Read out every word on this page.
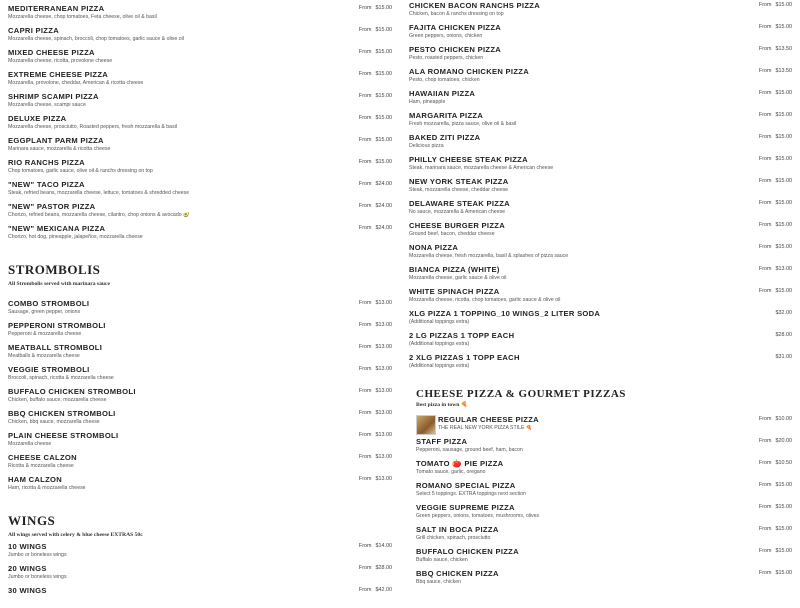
MEDITERRANEAN PIZZA
Mozzarella cheese, chop tomatoes, Feta cheese, olive oil & basil
From $15.00
CAPRI PIZZA
Mozzarella cheese, spinach, broccoli, chop tomatoes, garlic sauce & olive oil
From $15.00
MIXED CHEESE PIZZA
Mozzarella cheese, ricotta, provolone cheese
From $15.00
EXTREME CHEESE PIZZA
Mozzarella, provolone, cheddar, American & ricotta cheese
From $15.00
SHRIMP SCAMPI PIZZA
Mozzarella cheese, scampi sauce
From $15.00
DELUXE PIZZA
Mozzarella cheese, prosciutto, Roasted peppers, fresh mozzarella & basil
From $15.00
EGGPLANT PARM PIZZA
Marinara sauce, mozzarella & ricotta cheese
From $15.00
RIO RANCHS PIZZA
Chop tomatoes, garlic sauce, olive oil & ranchs dressing on top
From $15.00
"NEW" TACO PIZZA
Steak, refried beans, mozzarella cheese, lettuce, tomatoes & shredded cheese
From $24.00
"NEW" PASTOR PIZZA
Chorizo, refried beans, mozzarella cheese, cilantro, chop onions & avocado 🥑
From $24.00
"NEW" MEXICANA PIZZA
Chorizo, hot dog, pineapple, jalapeños, mozzarella cheese
From $24.00
STROMBOLIS
All Strombolis served with marinara sauce
COMBO STROMBOLI
Sausage, green pepper, onions
From $13.00
PEPPERONI STROMBOLI
Pepperoni & mozzarella cheese
From $13.00
MEATBALL STROMBOLI
Meatballs & mozzarella cheese
From $13.00
VEGGIE STROMBOLI
Broccoli, spinach, ricotta & mozzarella cheese
From $13.00
BUFFALO CHICKEN STROMBOLI
Chicken, buffalo sauce, mozzarella cheese
From $13.00
BBQ CHICKEN STROMBOLI
Chicken, bbq sauce, mozzarella cheese
From $13.00
PLAIN CHEESE STROMBOLI
Mozzarella cheese
From $13.00
CHEESE CALZON
Ricotta & mozzarella cheese
From $13.00
HAM CALZON
Ham, ricotta & mozzarella cheese
From $13.00
WINGS
All wings served with celery & blue cheese EXTRAS 50c
10 WINGS
Jumbo or boneless wings
From $14.00
20 WINGS
Jumbo or boneless wings
From $28.00
30 WINGS	From $42.00
CHICKEN BACON RANCHS PIZZA
Chicken, bacon & ranchs dressing on top
From $15.00
FAJITA CHICKEN PIZZA
Green peppers, onions, chicken
From $15.00
PESTO CHICKEN PIZZA
Pesto, roasted peppers, chicken
From $13.50
ALA ROMANO CHICKEN PIZZA
Pesto, chop tomatoes, chicken
From $13.50
HAWAIIAN PIZZA
Ham, pineapple
From $15.00
MARGARITA PIZZA
Fresh mozzarella, pizza sauce, olive oil & basil
From $15.00
BAKED ZITI PIZZA
Delicious pizza
From $15.00
PHILLY CHEESE STEAK PIZZA
Steak, marinara sauce, mozzarella cheese & American cheese
From $15.00
NEW YORK STEAK PIZZA
Steak, mozzarella cheese, cheddar cheese
From $15.00
DELAWARE STEAK PIZZA
No sauce, mozzarella & American cheese
From $15.00
CHEESE BURGER PIZZA
Ground beef, bacon, cheddar cheese
From $15.00
NONA PIZZA
Mozzarella cheese, fresh mozzarella, basil & splashes of pizza sauce
From $15.00
BIANCA PIZZA (WHITE)
Mozzarella cheese, garlic sauce & olive oil
From $13.00
WHITE SPINACH PIZZA
Mozzarella cheese, ricotta, chop tomatoes, garlic sauce & olive oil
From $15.00
XLG PIZZA 1 TOPPING_10 WINGS_2 LITER SODA
(Additional toppings extra)
$32.00
2 LG PIZZAS 1 TOPP EACH
(Additional toppings extra)
$28.00
2 XLG PIZZAS 1 TOPP EACH
(Additional toppings extra)
$31.00
CHEESE PIZZA & GOURMET PIZZAS
Best pizza in town 🍕
REGULAR CHEESE PIZZA
THE REAL NEW YORK PIZZA STILE 🍕
From $10.00
STAFF PIZZA
Pepperoni, sausage, ground beef, ham, bacon
From $20.00
TOMATO 🍅 PIE PIZZA
Tomato sauce, garlic, oregano
From $10.50
ROMANO SPECIAL PIZZA
Select 5 toppings. EXTRA toppings next section
From $15.00
VEGGIE SUPREME PIZZA
Green peppers, onions, tomatoes, mushrooms, olives
From $15.00
SALT IN BOCA PIZZA
Grill chicken, spinach, prosciutto
From $15.00
BUFFALO CHICKEN PIZZA
Buffalo sauce, chicken
From $15.00
BBQ CHICKEN PIZZA
Bbq sauce, chicken
From $15.00
